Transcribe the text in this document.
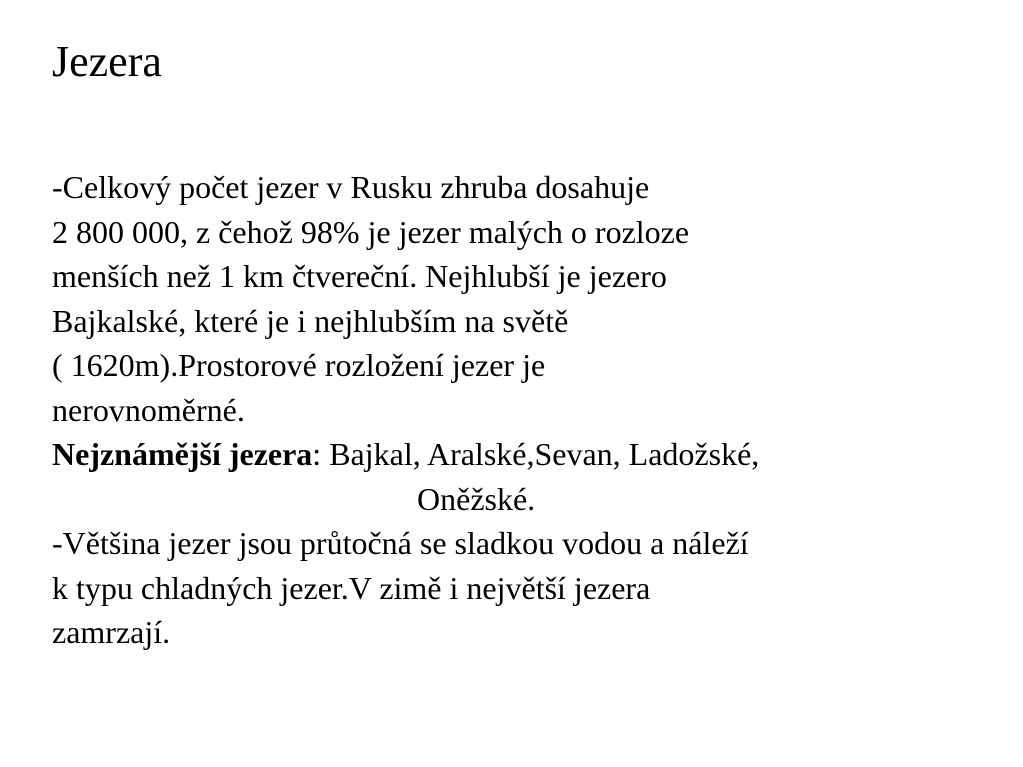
Jezera
-Celkový počet jezer v Rusku zhruba dosahuje
2 800 000, z čehož 98% je jezer malých o rozloze
menších než 1 km čtvereční. Nejhlubší je jezero
Bajkalské, které je i nejhlubším na světě
( 1620m).Prostorové rozložení jezer je
nerovnoměrné.
Nejznámější jezera: Bajkal, Aralské,Sevan, Ladožské,
Oněžské.
-Většina jezer jsou průtočná se sladkou vodou a náleží
k typu chladných jezer.V zimě i největší jezera
zamrzají.
